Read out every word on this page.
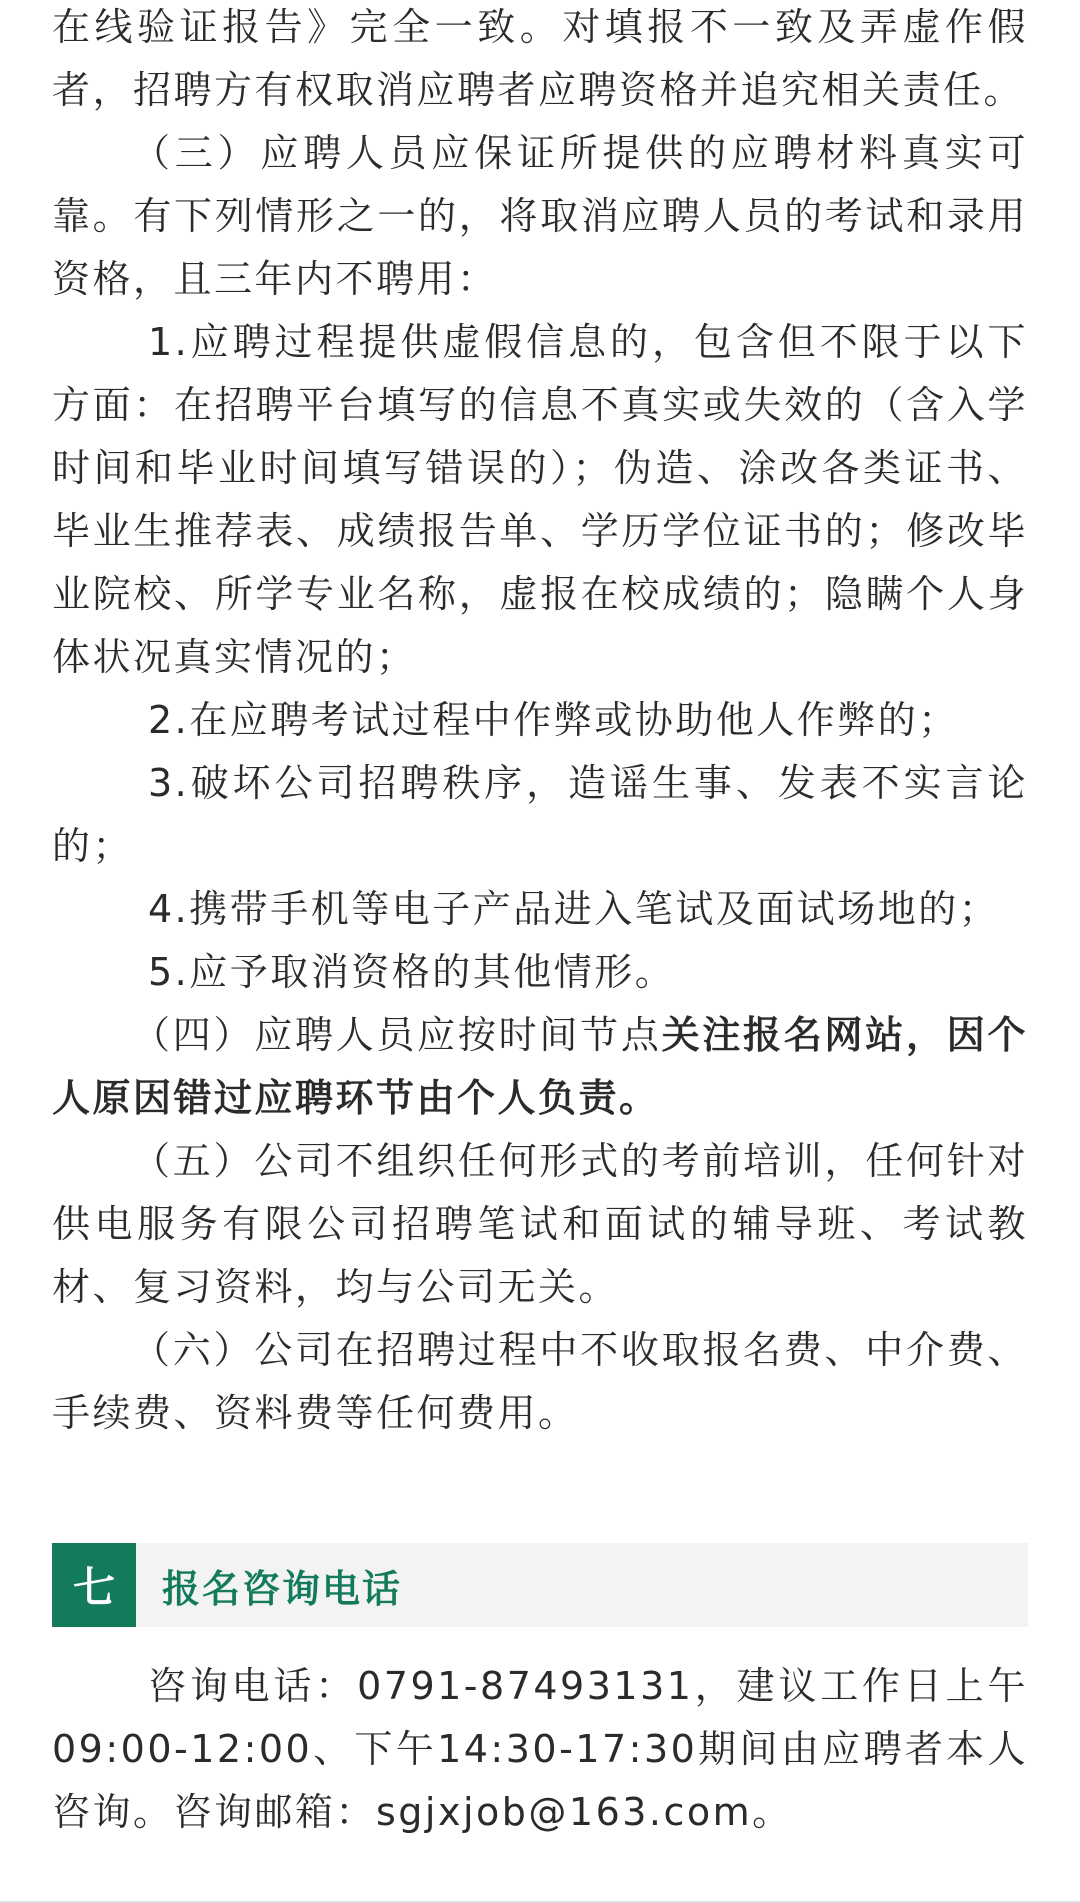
在线验证报告》完全一致。对填报不一致及弄虚作假者，招聘方有权取消应聘者应聘资格并追究相关责任。

（三）应聘人员应保证所提供的应聘材料真实可靠。有下列情形之一的，将取消应聘人员的考试和录用资格，且三年内不聘用：

1.应聘过程提供虚假信息的，包含但不限于以下方面：在招聘平台填写的信息不真实或失效的（含入学时间和毕业时间填写错误的）；伪造、涂改各类证书、毕业生推荐表、成绩报告单、学历学位证书的；修改毕业院校、所学专业名称，虚报在校成绩的；隐瞒个人身体状况真实情况的；

2.在应聘考试过程中作弊或协助他人作弊的；

3.破坏公司招聘秩序，造谣生事、发表不实言论的；

4.携带手机等电子产品进入笔试及面试场地的；

5.应予取消资格的其他情形。

（四）应聘人员应按时间节点关注报名网站，因个人原因错过应聘环节由个人负责。

（五）公司不组织任何形式的考前培训，任何针对供电服务有限公司招聘笔试和面试的辅导班、考试教材、复习资料，均与公司无关。

（六）公司在招聘过程中不收取报名费、中介费、手续费、资料费等任何费用。

七	报名咨询电话

咨询电话：0791-87493131，建议工作日上午09:00-12:00、下午14:30-17:30期间由应聘者本人咨询。咨询邮箱：sgjxjob@163.com。
